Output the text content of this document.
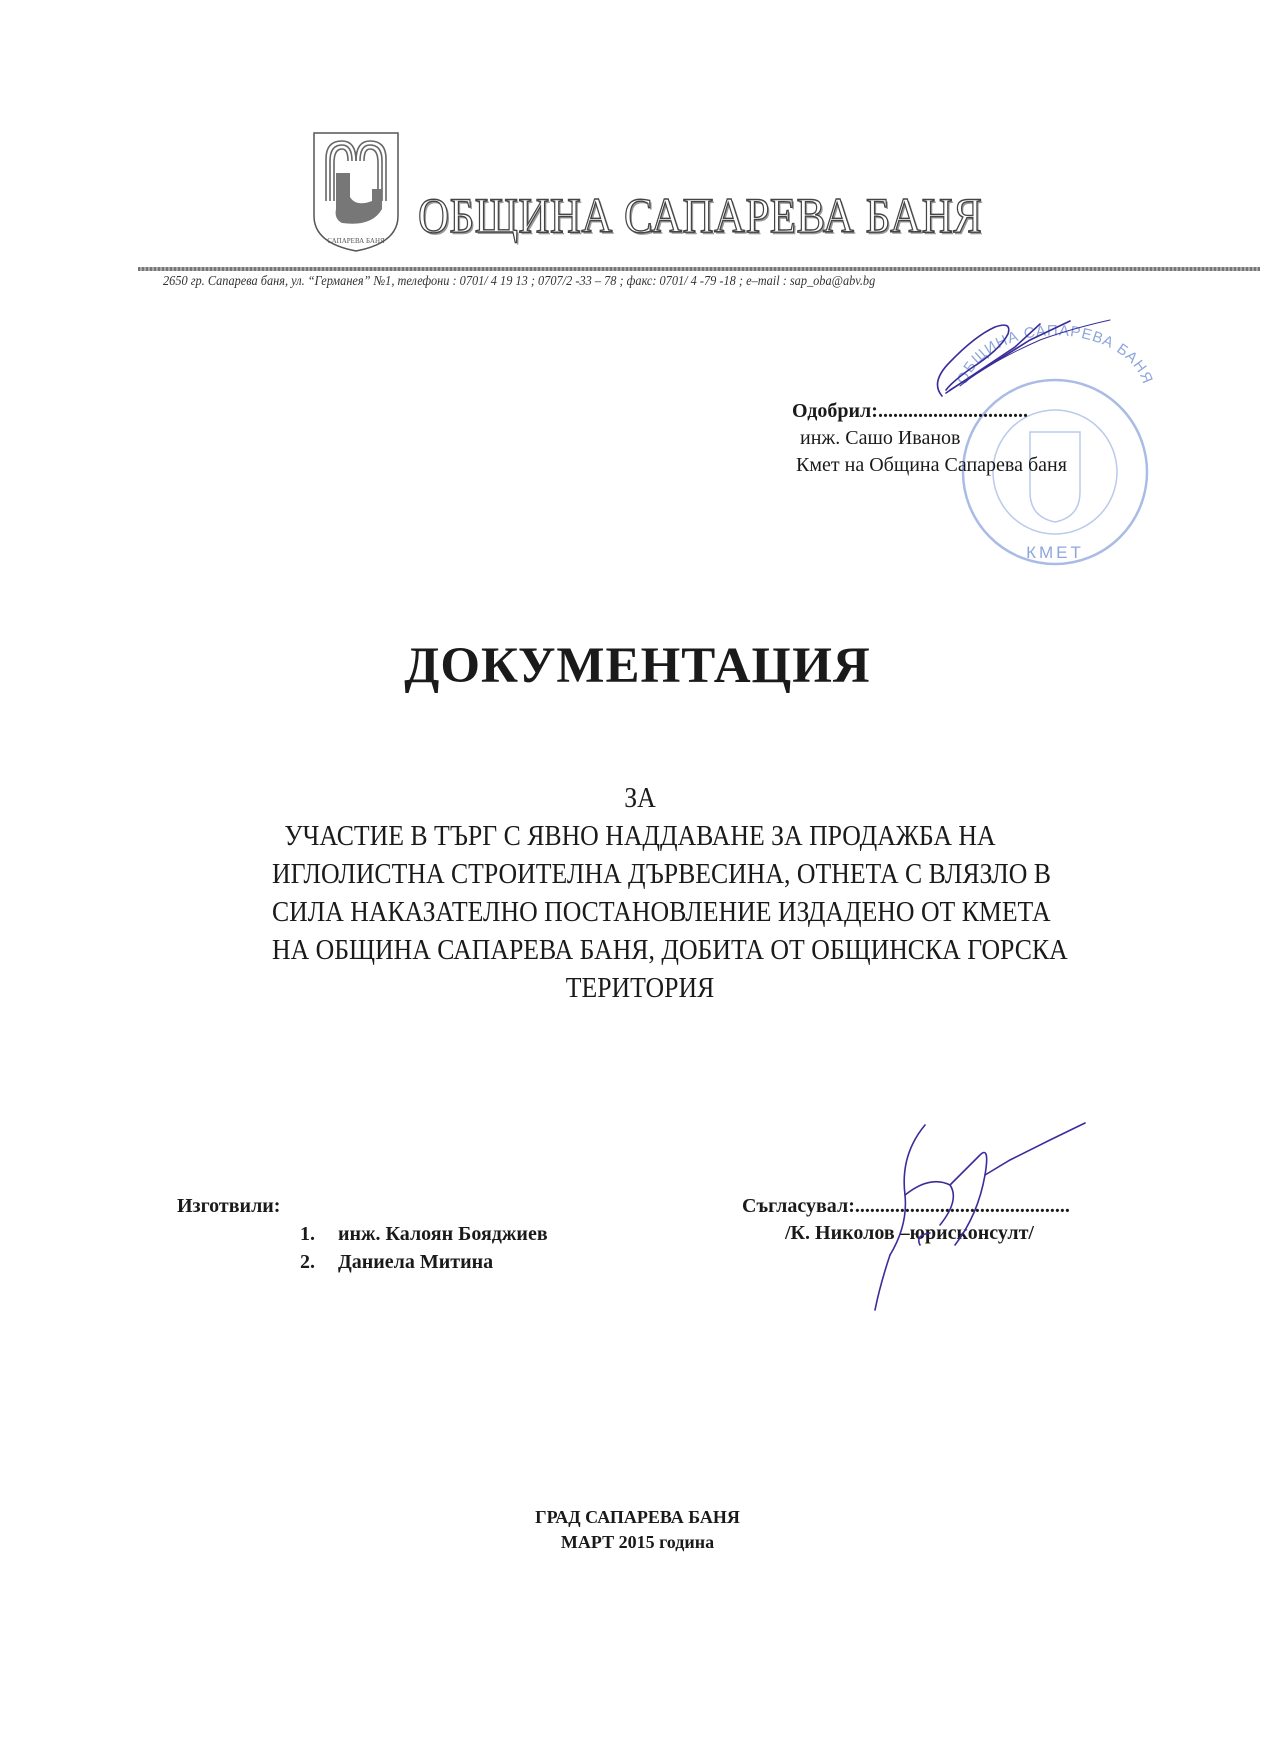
САПАРЕВА БАНЯ ОБЩИНА САПАРЕВА БАНЯ
2650 гр. Сапарева баня, ул. “Германея” №1, телефони : 0701/ 4 19 13 ; 0707/2 -33 – 78 ; факс: 0701/ 4 -79 -18 ; e–mail : sap_oba@abv.bg
ОБЩИНА САПАРЕВА БАНЯ
КМЕТ
Одобрил:..............................
инж. Сашо Иванов
Кмет на Община Сапарева баня
ДОКУМЕНТАЦИЯ
ЗА
УЧАСТИЕ В ТЪРГ С ЯВНО НАДДАВАНЕ ЗА ПРОДАЖБА НА
ИГЛОЛИСТНА СТРОИТЕЛНА ДЪРВЕСИНА, ОТНЕТА С ВЛЯЗЛО В
СИЛА НАКАЗАТЕЛНО ПОСТАНОВЛЕНИЕ ИЗДАДЕНО ОТ КМЕТА
НА ОБЩИНА САПАРЕВА БАНЯ, ДОБИТА ОТ ОБЩИНСКА ГОРСКА
ТЕРИТОРИЯ
Изготвили:
1. инж. Калоян Бояджиев
2. Даниела Митина
Съгласувал:...........................................
/К. Николов –юрисконсулт/
ГРАД САПАРЕВА БАНЯ
МАРТ 2015 година
